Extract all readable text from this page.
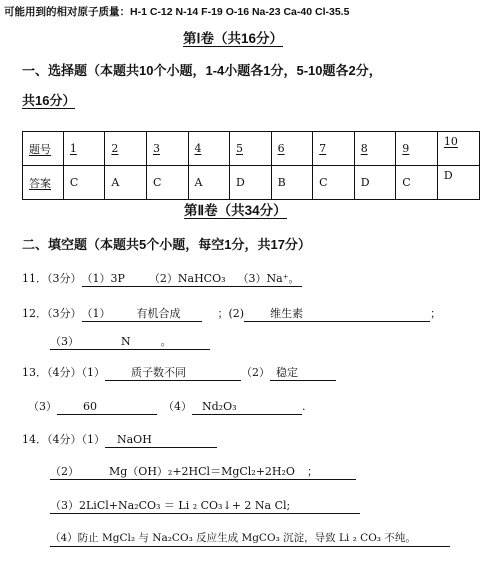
可能用到的相对原子质量：H-1 C-12 N-14 F-19 O-16 Na-23 Ca-40 Cl-35.5
第Ⅰ卷（共16分）
一、选择题（本题共10个小题，1-4小题各1分，5-10题各2分，
共16分）
题号	1	2	3	4	5	6	7	8	9	10
答案	C	A	C	A	D	B	C	D	C	D
第Ⅱ卷（共34分）
二、填空题（本题共5个小题，每空1分，共17分）
11．（3分）（1）3P （2）NaHCO₃ （3）Na⁺。
12．（3分）（1） 有机合成	；(2) 维生素	；
（3）	N	。
13．（4分）（1） 质子数不同	（2） 稳定
（3） 60	（4） Nd₂O₃	.
14．（4分）（1） NaOH
（2）	Mg（OH）₂+2HCl＝MgCl₂+2H₂O ；
（3）2LiCl+Na₂CO₃ ＝ Li ₂ CO₃↓+ 2 Na Cl;
（4）防止 MgCl₂ 与 Na₂CO₃ 反应生成 MgCO₃ 沉淀，导致 Li ₂ CO₃ 不纯。
